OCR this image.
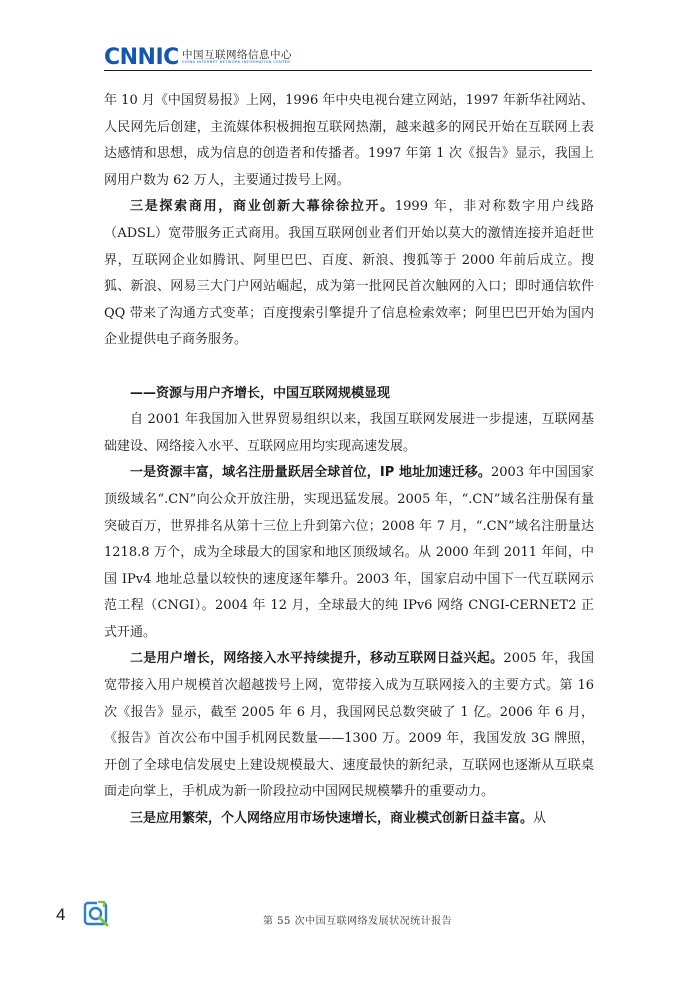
CNNIC 中国互联网络信息中心
CHINA INTERNET NETWORK INFORMATION CENTER

年 10 月《中国贸易报》上网，1996 年中央电视台建立网站，1997 年新华社网站、人民网先后创建，主流媒体积极拥抱互联网热潮，越来越多的网民开始在互联网上表达感情和思想，成为信息的创造者和传播者。1997 年第 1 次《报告》显示，我国上网用户数为 62 万人，主要通过拨号上网。

三是探索商用，商业创新大幕徐徐拉开。1999 年，非对称数字用户线路（ADSL）宽带服务正式商用。我国互联网创业者们开始以莫大的激情连接并追赶世界，互联网企业如腾讯、阿里巴巴、百度、新浪、搜狐等于 2000 年前后成立。搜狐、新浪、网易三大门户网站崛起，成为第一批网民首次触网的入口；即时通信软件 QQ 带来了沟通方式变革；百度搜索引擎提升了信息检索效率；阿里巴巴开始为国内企业提供电子商务服务。

——资源与用户齐增长，中国互联网规模显现

自 2001 年我国加入世界贸易组织以来，我国互联网发展进一步提速，互联网基础建设、网络接入水平、互联网应用均实现高速发展。

一是资源丰富，域名注册量跃居全球首位，IP 地址加速迁移。2003 年中国国家顶级域名“.CN”向公众开放注册，实现迅猛发展。2005 年，“.CN”域名注册保有量突破百万，世界排名从第十三位上升到第六位；2008 年 7 月，“.CN”域名注册量达 1218.8 万个，成为全球最大的国家和地区顶级域名。从 2000 年到 2011 年间，中国 IPv4 地址总量以较快的速度逐年攀升。2003 年，国家启动中国下一代互联网示范工程（CNGI）。2004 年 12 月，全球最大的纯 IPv6 网络 CNGI-CERNET2 正式开通。

二是用户增长，网络接入水平持续提升，移动互联网日益兴起。2005 年，我国宽带接入用户规模首次超越拨号上网，宽带接入成为互联网接入的主要方式。第 16 次《报告》显示，截至 2005 年 6 月，我国网民总数突破了 1 亿。2006 年 6 月，《报告》首次公布中国手机网民数量——1300 万。2009 年，我国发放 3G 牌照，开创了全球电信发展史上建设规模最大、速度最快的新纪录，互联网也逐渐从互联桌面走向掌上，手机成为新一阶段拉动中国网民规模攀升的重要动力。

三是应用繁荣，个人网络应用市场快速增长，商业模式创新日益丰富。从

4	第 55 次中国互联网络发展状况统计报告
